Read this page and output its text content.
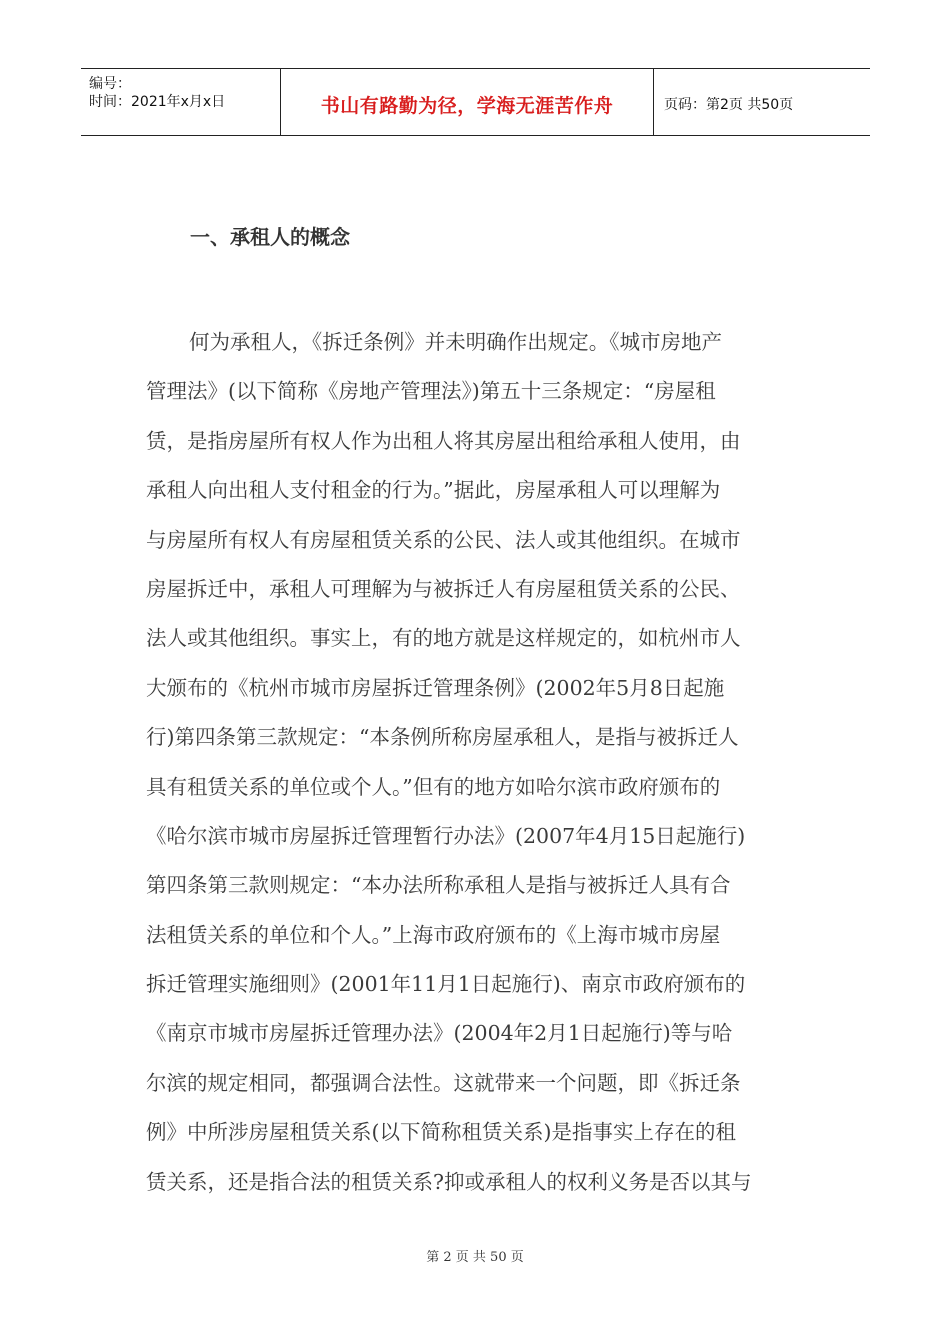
编号：
时间：2021年x月x日	书山有路勤为径，学海无涯苦作舟	页码：第2页 共50页
一、承租人的概念
何为承租人，《拆迁条例》并未明确作出规定。《城市房地产
管理法》(以下简称《房地产管理法》)第五十三条规定：“房屋租
赁，是指房屋所有权人作为出租人将其房屋出租给承租人使用，由
承租人向出租人支付租金的行为。”据此，房屋承租人可以理解为
与房屋所有权人有房屋租赁关系的公民、法人或其他组织。在城市
房屋拆迁中，承租人可理解为与被拆迁人有房屋租赁关系的公民、
法人或其他组织。事实上，有的地方就是这样规定的，如杭州市人
大颁布的《杭州市城市房屋拆迁管理条例》(2002年5月8日起施
行)第四条第三款规定：“本条例所称房屋承租人，是指与被拆迁人
具有租赁关系的单位或个人。”但有的地方如哈尔滨市政府颁布的
《哈尔滨市城市房屋拆迁管理暂行办法》(2007年4月15日起施行)
第四条第三款则规定：“本办法所称承租人是指与被拆迁人具有合
法租赁关系的单位和个人。”上海市政府颁布的《上海市城市房屋
拆迁管理实施细则》(2001年11月1日起施行)、南京市政府颁布的
《南京市城市房屋拆迁管理办法》(2004年2月1日起施行)等与哈
尔滨的规定相同，都强调合法性。这就带来一个问题，即《拆迁条
例》中所涉房屋租赁关系(以下简称租赁关系)是指事实上存在的租
赁关系，还是指合法的租赁关系?抑或承租人的权利义务是否以其与
第 2 页 共 50 页
